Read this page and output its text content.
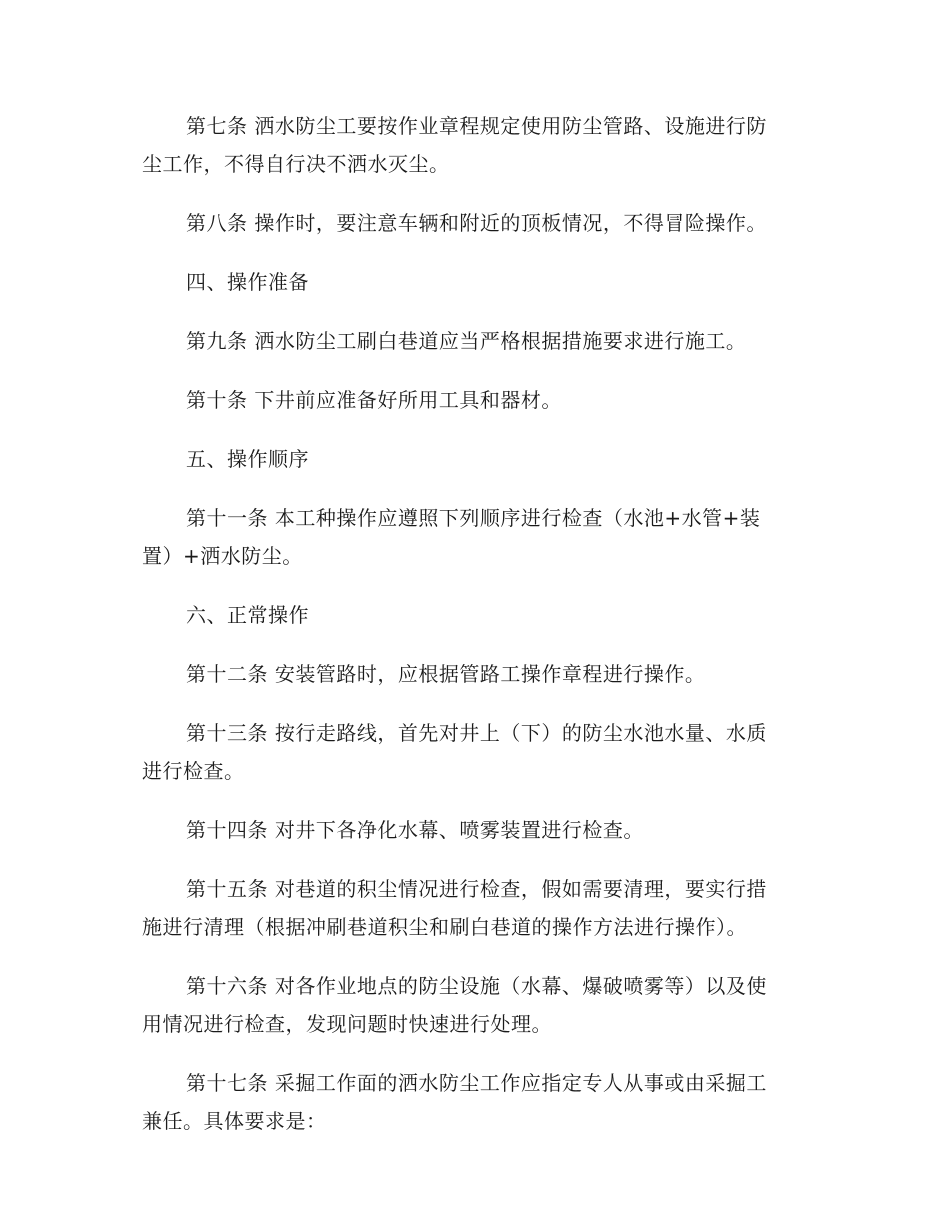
第七条 洒水防尘工要按作业章程规定使用防尘管路、设施进行防
尘工作，不得自行决不洒水灭尘。

第八条 操作时，要注意车辆和附近的顶板情况，不得冒险操作。

四、操作准备

第九条 洒水防尘工刷白巷道应当严格根据措施要求进行施工。

第十条 下井前应准备好所用工具和器材。

五、操作顺序

第十一条 本工种操作应遵照下列顺序进行检查（水池+水管+装
置）+洒水防尘。

六、正常操作

第十二条 安装管路时，应根据管路工操作章程进行操作。

第十三条 按行走路线，首先对井上（下）的防尘水池水量、水质
进行检查。

第十四条 对井下各净化水幕、喷雾装置进行检查。

第十五条 对巷道的积尘情况进行检查，假如需要清理，要实行措
施进行清理（根据冲刷巷道积尘和刷白巷道的操作方法进行操作）。

第十六条 对各作业地点的防尘设施（水幕、爆破喷雾等）以及使
用情况进行检查，发现问题时快速进行处理。

第十七条 采掘工作面的洒水防尘工作应指定专人从事或由采掘工
兼任。具体要求是：
